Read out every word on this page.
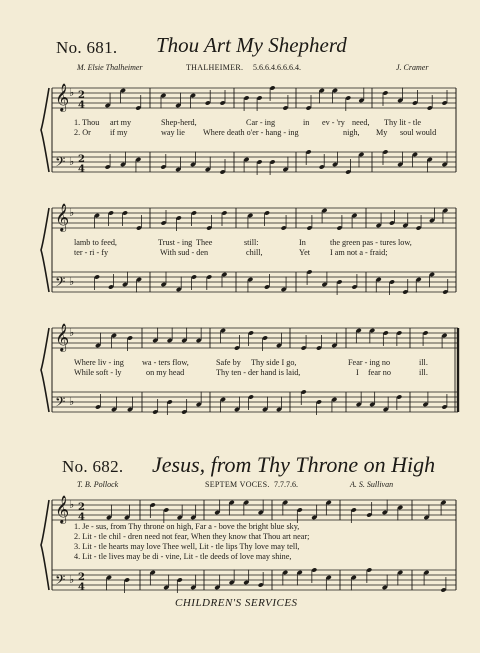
𝄞 ♭ 2
4
𝄢 ♭ 2
4
𝄞 ♭
𝄢 ♭
𝄞 ♭
𝄢 ♭
𝄞 ♭ 2
4
𝄢 ♭ 2
4
No. 681. Thou Art My Shepherd
M. Elsie Thalheimer	THALHEIMER. 5.6.6.4.6.6.6.4.	J. Cramer
1. Thou art my	Shep-herd,	Car - ing	in ev - 'ry need, Thy lit - tle
2. Or if my	way lie Where death o'er - hang - ing	nigh, My soul would
lamb to feed,	Trust - ing Thee	still:	In	the green pas - tures low,
ter - ri - fy	With sud - den	chill,	Yet I am not a - fraid;
Where liv - ing wa - ters flow,	Safe by Thy side I go,	Fear - ing no	ill.
While soft - ly	on my head	Thy ten - der hand is laid,	I fear no	ill.
No. 682. Jesus, from Thy Throne on High
T. B. Pollock	SEPTEM VOCES. 7.7.7.6.	A. S. Sullivan
1. Je - sus, from Thy throne on high, Far a - bove the bright blue sky,
2. Lit - tle chil - dren need not fear, When they know that Thou art near;
3. Lit - tle hearts may love Thee well, Lit - tle lips Thy love may tell,
4. Lit - tle lives may be di - vine, Lit - tle deeds of love may shine,
CHILDREN'S SERVICES
